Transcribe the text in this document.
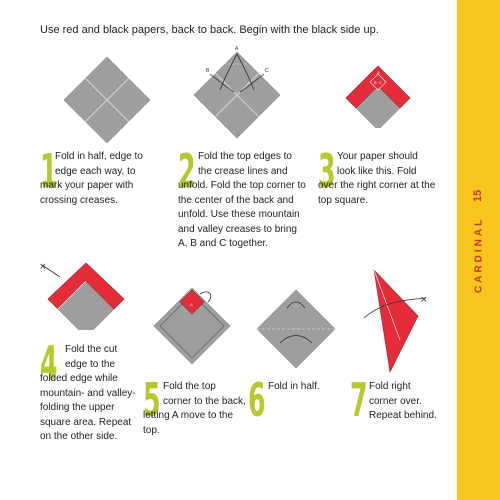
15
CARDINAL
Use red and black papers, back to back. Begin with the black side up.
A
B	C
B C
A
×
A	×
1
Fold in half, edge to
edge each way, to mark your paper with crossing creases.
2 Fold the top edges to
the crease lines and unfold. Fold the top corner to the center of the back and unfold. Use these mountain and valley creases to bring A, B and C together.
3 Your paper should
look like this. Fold over the right corner at the top square.
4 Fold the cut
edge to the folded edge while mountain- and valley-folding the upper square area. Repeat on the other side.
5 Fold the top
corner to the back, letting A move to the top.
6 Fold in half. 7 Fold right
corner over. Repeat behind.
